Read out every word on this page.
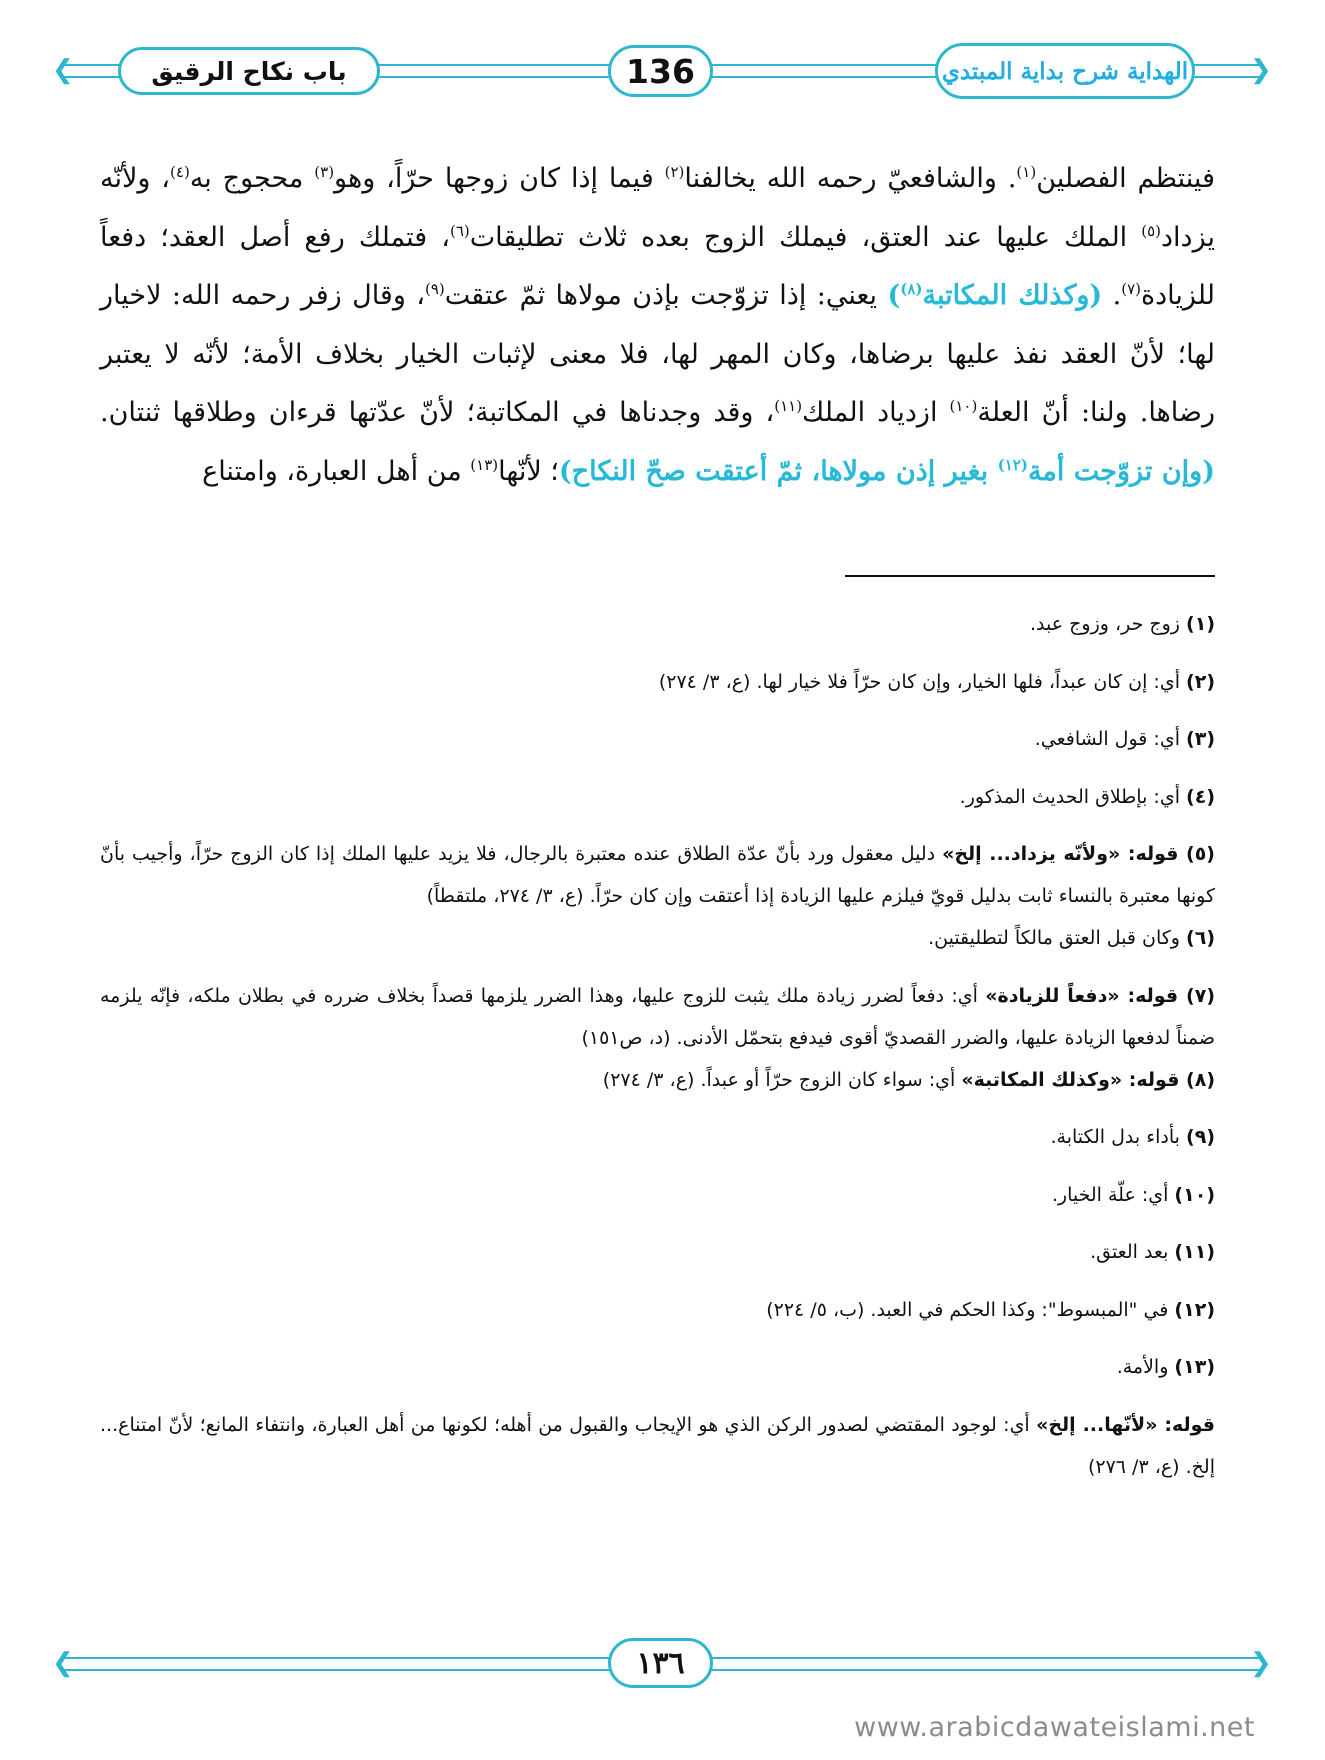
❮	❯
باب نكاح الرقيق	136	الهداية شرح بداية المبتدي
فينتظم الفصلين$^{(١)}$. والشافعيّ رحمه الله يخالفنا$^{(٢)}$ فيما إذا كان زوجها حرّاً، وهو$^{(٣)}$ محجوج به$^{(٤)}$، ولأنّه يزداد$^{(٥)}$ الملك عليها عند العتق، فيملك الزوج بعده ثلاث تطليقات$^{(٦)}$، فتملك رفع أصل العقد؛ دفعاً للزيادة$^{(٧)}$. (وكذلك المكاتبة$^{(٨)}$) يعني: إذا تزوّجت بإذن مولاها ثمّ عتقت$^{(٩)}$، وقال زفر رحمه الله: لاخيار لها؛ لأنّ العقد نفذ عليها برضاها، وكان المهر لها، فلا معنى لإثبات الخيار بخلاف الأمة؛ لأنّه لا يعتبر رضاها. ولنا: أنّ العلة$^{(١٠)}$ ازدياد الملك$^{(١١)}$، وقد وجدناها في المكاتبة؛ لأنّ عدّتها قرءان وطلاقها ثنتان. (وإن تزوّجت أمة$^{(١٢)}$ بغير إذن مولاها، ثمّ أعتقت صحّ النكاح)؛ لأنّها$^{(١٣)}$ من أهل العبارة، وامتناع

(١) زوج حر، وزوج عبد.

(٢) أي: إن كان عبداً، فلها الخيار، وإن كان حرّاً فلا خيار لها. (ع، ٣/ ٢٧٤)

(٣) أي: قول الشافعي.

(٤) أي: بإطلاق الحديث المذكور.

(٥) قوله: «ولأنّه يزداد... إلخ» دليل معقول ورد بأنّ عدّة الطلاق عنده معتبرة بالرجال، فلا يزيد عليها الملك إذا كان الزوج حرّاً، وأجيب بأنّ كونها معتبرة بالنساء ثابت بدليل قويّ فيلزم عليها الزيادة إذا أعتقت وإن كان حرّاً. (ع، ٣/ ٢٧٤، ملتقطاً)

(٦) وكان قبل العتق مالكاً لتطليقتين.

(٧) قوله: «دفعاً للزيادة» أي: دفعاً لضرر زيادة ملك يثبت للزوج عليها، وهذا الضرر يلزمها قصداً بخلاف ضرره في بطلان ملكه، فإنّه يلزمه ضمناً لدفعها الزيادة عليها، والضرر القصديّ أقوى فيدفع بتحمّل الأدنى. (د، ص١٥١)

(٨) قوله: «وكذلك المكاتبة» أي: سواء كان الزوج حرّاً أو عبداً. (ع، ٣/ ٢٧٤)

(٩) بأداء بدل الكتابة.

(١٠) أي: علّة الخيار.

(١١) بعد العتق.

(١٢) في "المبسوط": وكذا الحكم في العبد. (ب، ٥/ ٢٢٤)

(١٣) والأمة.

قوله: «لأنّها... إلخ» أي: لوجود المقتضي لصدور الركن الذي هو الإيجاب والقبول من أهله؛ لكونها من أهل العبارة، وانتفاء المانع؛ لأنّ امتناع... إلخ. (ع، ٣/ ٢٧٦)

❮	❯
١٣٦
www.arabicdawateislami.net
